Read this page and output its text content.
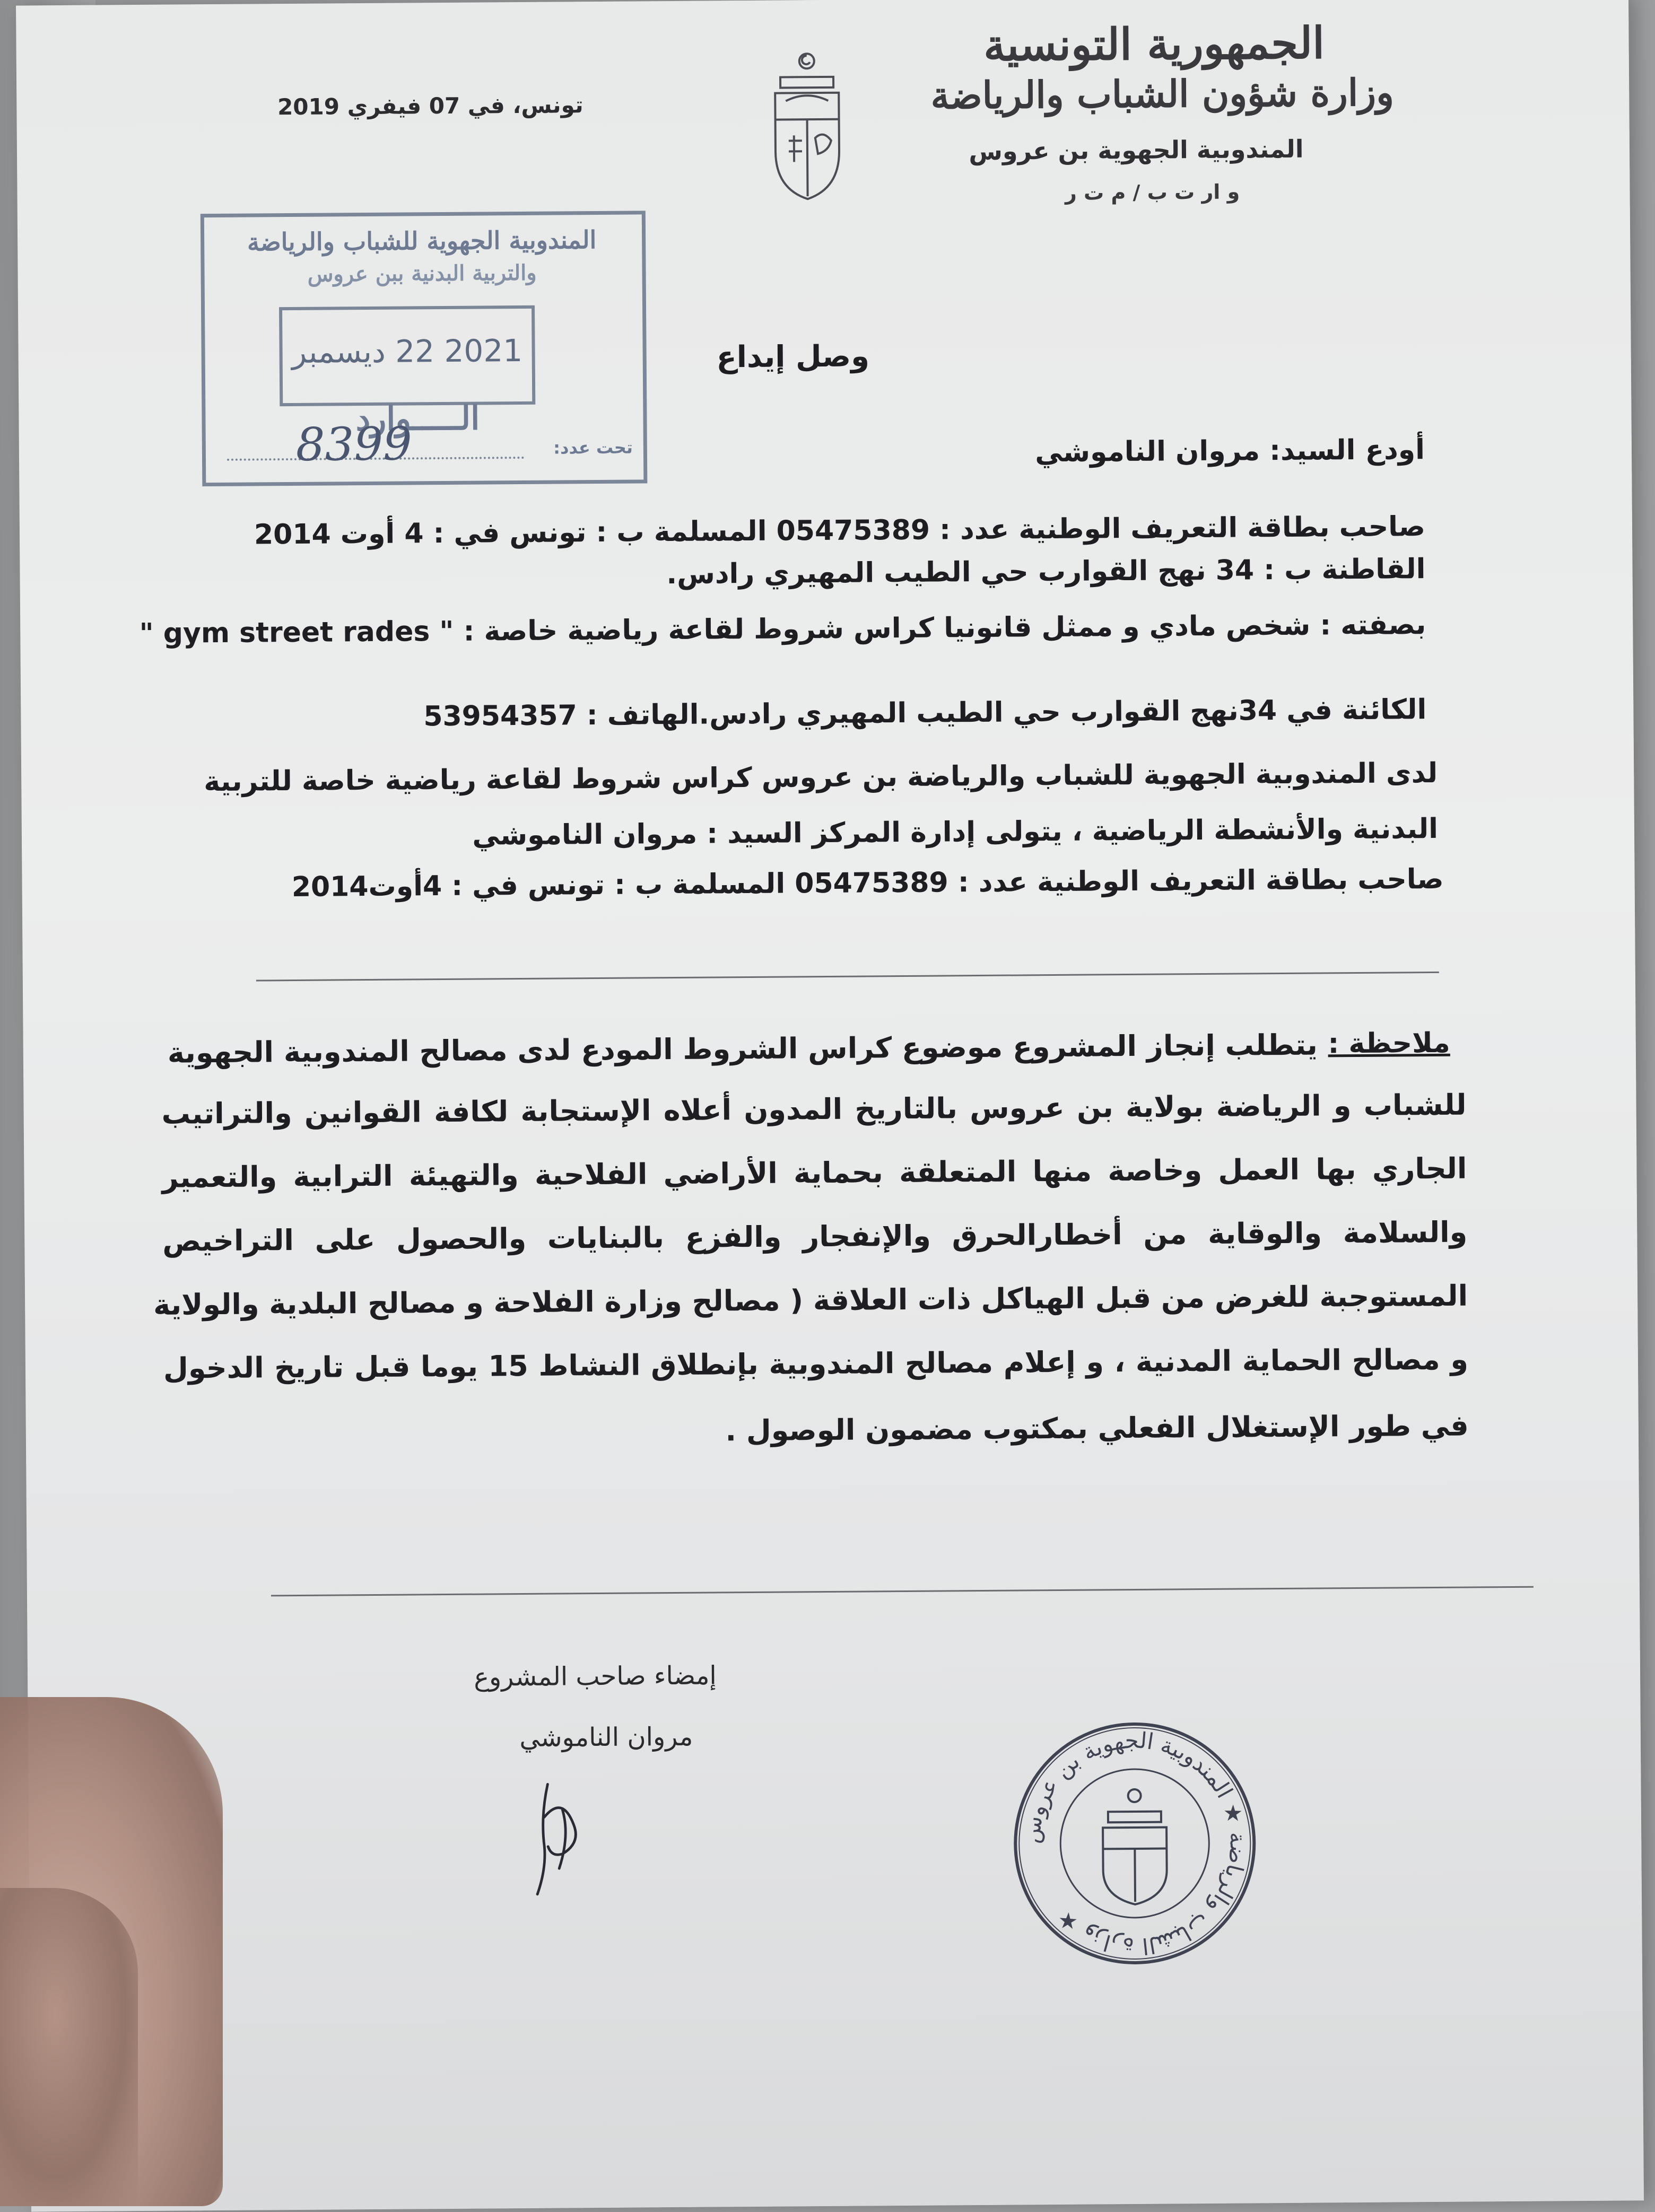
الجمهورية التونسية
وزارة شؤون الشباب والرياضة
المندوبية الجهوية بن عروس
و ار ت ب / م ت ر
تونس، في 07 فيفري 2019
المندوبية الجهوية للشباب والرياضة
والتربية البدنية ببن عروس
2021 22 ديسمبر
الـــــوارد
تحت عدد:
8399
وصل إيداع
أودع السيد: مروان الناموشي
صاحب بطاقة التعريف الوطنية عدد : 05475389 المسلمة ب : تونس في : 4 أوت 2014
القاطنة ب : 34 نهج القوارب حي الطيب المهيري رادس.
بصفته : شخص مادي و ممثل قانونيا كراس شروط لقاعة رياضية خاصة : " gym street rades "
الكائنة في 34نهج القوارب حي الطيب المهيري رادس.الهاتف : 53954357
لدى المندوبية الجهوية للشباب والرياضة بن عروس كراس شروط لقاعة رياضية خاصة للتربية
البدنية والأنشطة الرياضية ، يتولى إدارة المركز السيد : مروان الناموشي
صاحب بطاقة التعريف الوطنية عدد : 05475389 المسلمة ب : تونس في : 4أوت2014
ملاحظة :
يتطلب إنجاز المشروع موضوع كراس الشروط المودع لدى مصالح المندوبية الجهوية
للشباب و الرياضة بولاية بن عروس بالتاريخ المدون أعلاه الإستجابة لكافة القوانين والتراتيب
الجاري بها العمل وخاصة منها المتعلقة بحماية الأراضي الفلاحية والتهيئة الترابية والتعمير
والسلامة والوقاية من أخطارالحرق والإنفجار والفزع بالبنايات والحصول على التراخيص
المستوجبة للغرض من قبل الهياكل ذات العلاقة ( مصالح وزارة الفلاحة و مصالح البلدية والولاية
و مصالح الحماية المدنية ، و إعلام مصالح المندوبية بإنطلاق النشاط 15 يوما قبل تاريخ الدخول
في طور الإستغلال الفعلي بمكتوب مضمون الوصول .
إمضاء صاحب المشروع
مروان الناموشي
وزارة الشباب والرياضة ★ المندوبية الجهوية بن عروس ★
